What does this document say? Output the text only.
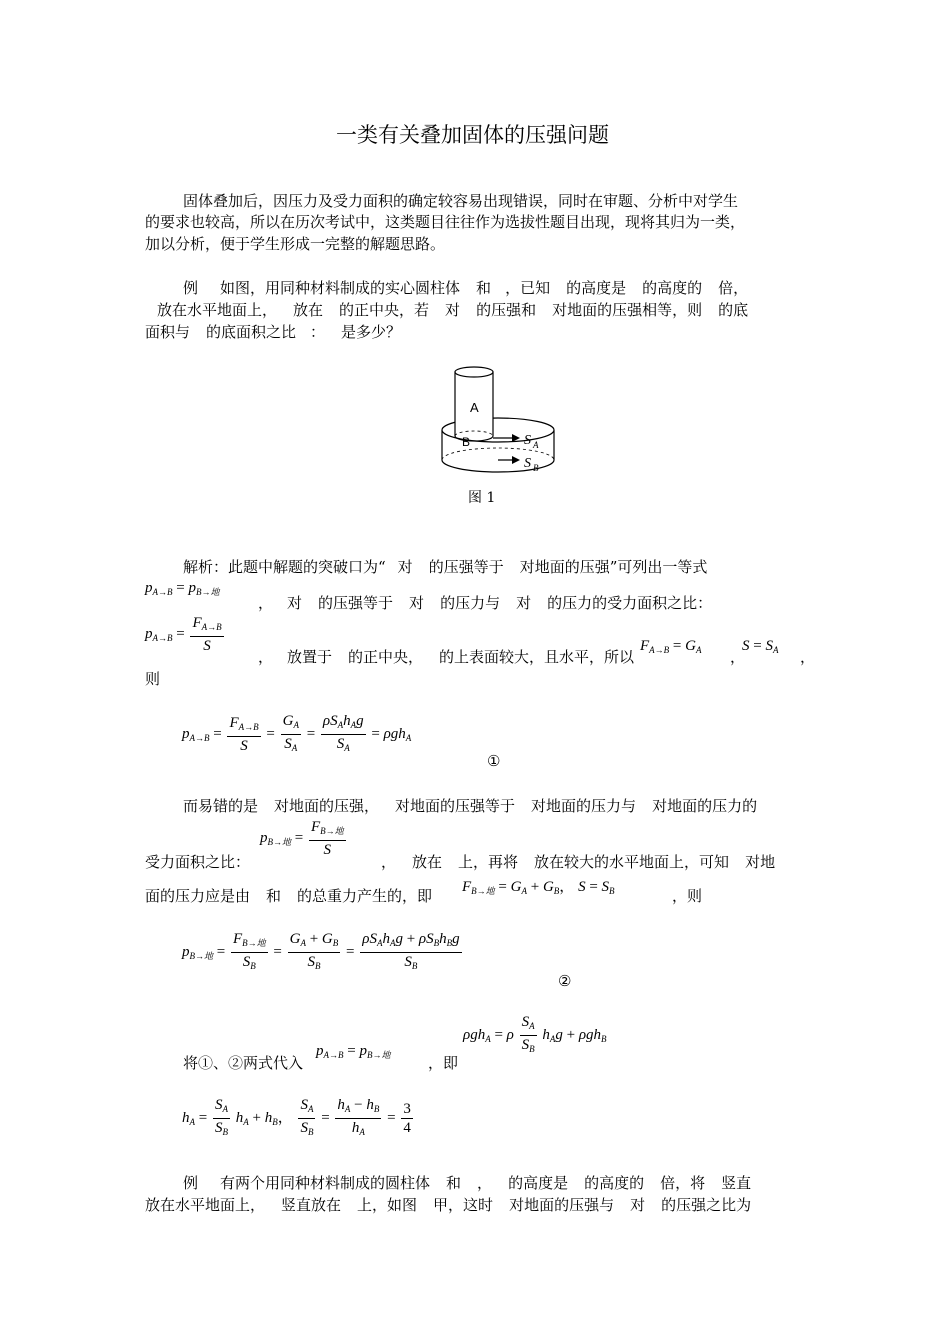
一类有关叠加固体的压强问题
固体叠加后，因压力及受力面积的确定较容易出现错误，同时在审题、分析中对学生
的要求也较高，所以在历次考试中，这类题目往往作为选拔性题目出现，现将其归为一类，
加以分析，便于学生形成一完整的解题思路。
例 如图，用同种材料制成的实心圆柱体 和 ，已知 的高度是 的高度的 倍，
放在水平地面上， 放在 的正中央，若 对 的压强和 对地面的压强相等，则 的底
面积与 的底面积之比 ： 是多少？
A
B	S A
S B
图 1
解析：此题中解题的突破口为“ 对 的压强等于 对地面的压强”可列出一等式
$p_{A\to B} = p_{B\to 地}$
， 对 的压强等于 对 的压力与 对 的压力的受力面积之比：
$p_{A\to B} = \frac{F_{A\to B}}{S}$
， 放置于 的正中央， 的上表面较大，且水平，所以
$F_{A\to B} = G_A$ ，
$S = S_A$ ，
则
$p_{A\to B} = \frac{F_{A\to B}}{S} = \frac{G_A}{S_A} = \frac{\rho S_Ah_Ag}{S_A} = \rho gh_A$
①
而易错的是 对地面的压强， 对地面的压强等于 对地面的压力与 对地面的压力的
$p_{B\to 地} = \frac{F_{B\to 地}}{S}$
受力面积之比：	， 放在 上，再将 放在较大的水平地面上，可知 对地
面的压力应是由 和 的总重力产生的，即 $F_{B\to 地} = G_A + G_B$， $S = S_B$	，则
$p_{B\to 地} = \frac{F_{B\to 地}}{S_B} = \frac{G_A + G_B}{S_B} = \frac{\rho S_Ah_Ag + \rho S_Bh_Bg}{S_B}$
②
ρgh$_A$ = ρ $\frac{S_A}{S_B} h_Ag + \rho gh_B$
将①、②两式代入
$p_{A\to B} = p_{B\to 地}$	，即
$h_A = \frac{S_A}{S_B} h_A + h_B$， $\frac{S_A}{S_B} = \frac{h_A - h_B}{h_A} = \frac{3}{4}$
例 有两个用同种材料制成的圆柱体 和 ， 的高度是 的高度的 倍，将 竖直
放在水平地面上， 竖直放在 上，如图 甲，这时 对地面的压强与 对 的压强之比为
